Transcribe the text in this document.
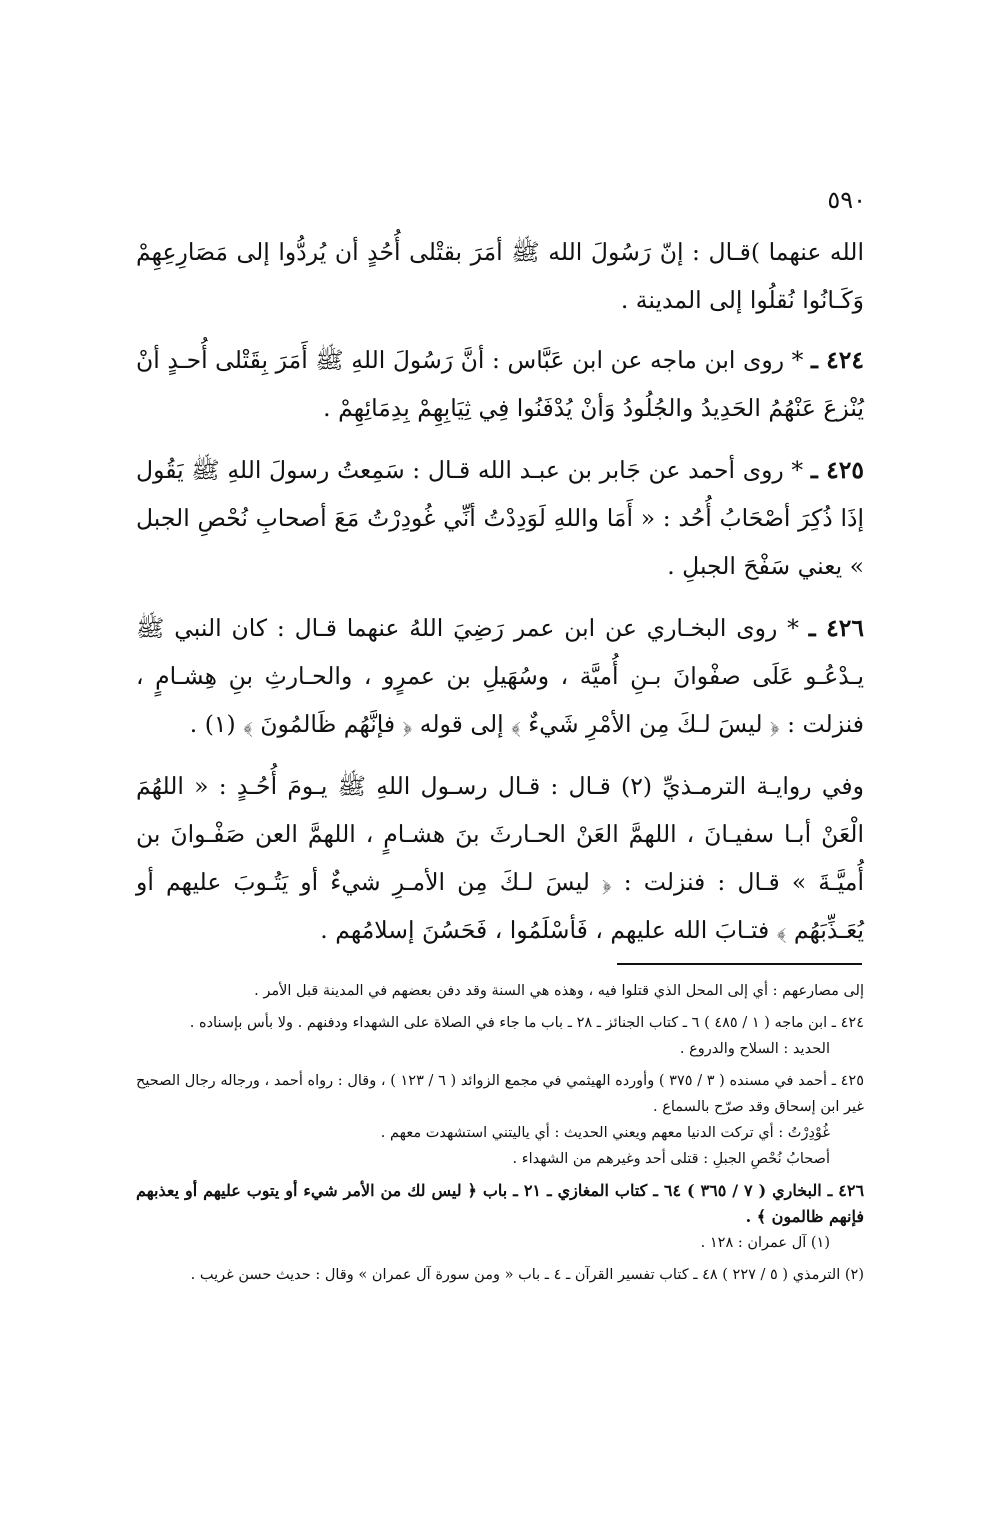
٥٩٠

الله عنهما )قـال : إنّ رَسُولَ الله ﷺ أمَرَ بقتْلى أُحُدٍ أن يُردُّوا إلى مَصَارِعِهِمْ وَكَـانُوا نُقلُوا إلى المدينة .

٤٢٤ ـ * روى ابن ماجه عن ابن عَبَّاس : أنَّ رَسُولَ اللهِ ﷺ أَمَرَ بِقَتْلى أُحـدٍ أنْ يُنْزعَ عَنْهُمُ الحَدِيدُ والجُلُودُ وَأنْ يُدْفَنُوا فِي ثِيَابِهِمْ بِدِمَائِهِمْ .

٤٢٥ ـ * روى أحمد عن جَابر بن عبـد الله قـال : سَمِعتُ رسولَ اللهِ ﷺ يَقُول إذَا ذُكِرَ أصْحَابُ أُحُد : « أَمَا واللهِ لَوَدِدْتُ أنِّي غُودِرْتُ مَعَ أصحابِ نُحْصِ الجبل » يعني سَفْحَ الجبلِ .

٤٢٦ ـ * روى البخـاري عن ابن عمر رَضِيَ اللهُ عنهما قـال : كان النبي ﷺ يـدْعُـو عَلَى صفْوانَ بـنِ أُميَّة ، وسُهَيلِ بن عمرٍو ، والحـارثِ بنِ هِشـامٍ ، فنزلت : ﴿ ليسَ لـكَ مِن الأمْرِ شَيءٌ ﴾ إلى قوله ﴿ فإنَّهُم ظَالمُونَ ﴾ (١) .

وفي روايـة الترمـذيِّ (٢) قـال : قـال رسـول اللهِ ﷺ يـومَ أُحُـدٍ : « اللهُمَ الْعَنْ أبـا سفيـانَ ، اللهمَّ العَنْ الحـارثَ بنَ هشـامٍ ، اللهمَّ العن صَفْـوانَ بن أُميَّـةَ » قـال : فنزلت : ﴿ ليسَ لـكَ مِن الأمـرِ شيءٌ أو يَتُـوبَ عليهم أو يُعَـذِّبَهُم ﴾ فتـابَ الله عليهم ، فَأسْلَمُوا ، فَحَسُنَ إسلامُهم .

إلى مصارعهم : أي إلى المحل الذي قتلوا فيه ، وهذه هي السنة وقد دفن بعضهم في المدينة قبل الأمر .
٤٢٤ ـ ابن ماجه ( ١ / ٤٨٥ ) ٦ ـ كتاب الجنائز ـ ٢٨ ـ باب ما جاء في الصلاة على الشهداء ودفنهم . ولا بأس بإسناده .
الحديد : السلاح والدروع .
٤٢٥ ـ أحمد في مسنده ( ٣ / ٣٧٥ ) وأورده الهيثمي في مجمع الزوائد ( ٦ / ١٢٣ ) ، وقال : رواه أحمد ، ورجاله رجال الصحيح غير ابن إسحاق وقد صرّح بالسماع .
غُوْدِرْتُ : أي تركت الدنيا معهم ويعني الحديث : أي ياليتني استشهدت معهم .
أصحابُ نُحْصِ الجبلِ : قتلى أحد وغيرهم من الشهداء .
٤٢٦ ـ البخاري ( ٧ / ٣٦٥ ) ٦٤ ـ كتاب المغازي ـ ٢١ ـ باب ﴿ ليس لك من الأمر شيء أو يتوب عليهم أو يعذبهم فإنهم ظالمون ﴾ .
(١) آل عمران : ١٢٨ .
(٢) الترمذي ( ٥ / ٢٢٧ ) ٤٨ ـ كتاب تفسير القرآن ـ ٤ ـ باب « ومن سورة آل عمران » وقال : حديث حسن غريب .
